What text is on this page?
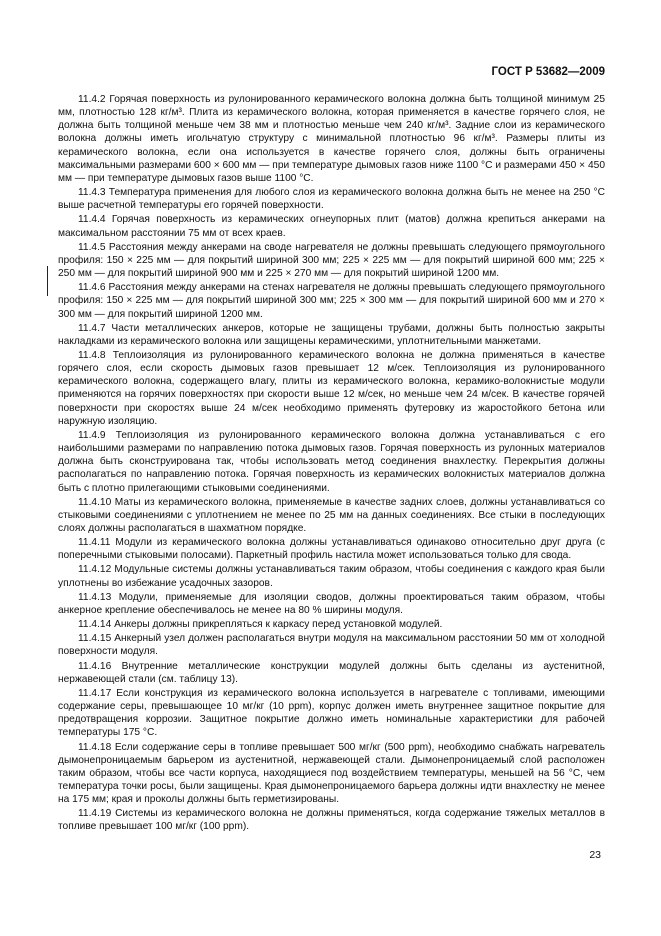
ГОСТ Р 53682—2009

11.4.2 Горячая поверхность из рулонированного керамического волокна должна быть толщиной минимум 25 мм, плотностью 128 кг/м³. Плита из керамического волокна, которая применяется в качестве горячего слоя, не должна быть толщиной меньше чем 38 мм и плотностью меньше чем 240 кг/м³. Задние слои из керамического волокна должны иметь игольчатую структуру с минимальной плотностью 96 кг/м³. Размеры плиты из керамического волокна, если она используется в качестве горячего слоя, должны быть ограничены максимальными размерами 600 × 600 мм — при температуре дымовых газов ниже 1100 °С и размерами 450 × 450 мм — при температуре дымовых газов выше 1100 °С.

11.4.3 Температура применения для любого слоя из керамического волокна должна быть не менее на 250 °С выше расчетной температуры его горячей поверхности.

11.4.4 Горячая поверхность из керамических огнеупорных плит (матов) должна крепиться анкерами на максимальном расстоянии 75 мм от всех краев.

11.4.5 Расстояния между анкерами на своде нагревателя не должны превышать следующего прямоугольного профиля: 150 × 225 мм — для покрытий шириной 300 мм; 225 × 225 мм — для покрытий шириной 600 мм; 225 × 250 мм — для покрытий шириной 900 мм и 225 × 270 мм — для покрытий шириной 1200 мм.

11.4.6 Расстояния между анкерами на стенах нагревателя не должны превышать следующего прямоугольного профиля: 150 × 225 мм — для покрытий шириной 300 мм; 225 × 300 мм — для покрытий шириной 600 мм и 270 × 300 мм — для покрытий шириной 1200 мм.

11.4.7 Части металлических анкеров, которые не защищены трубами, должны быть полностью закрыты накладками из керамического волокна или защищены керамическими, уплотнительными манжетами.

11.4.8 Теплоизоляция из рулонированного керамического волокна не должна применяться в качестве горячего слоя, если скорость дымовых газов превышает 12 м/сек. Теплоизоляция из рулонированного керамического волокна, содержащего влагу, плиты из керамического волокна, керамико-волокнистые модули применяются на горячих поверхностях при скорости выше 12 м/сек, но меньше чем 24 м/сек. В качестве горячей поверхности при скоростях выше 24 м/сек необходимо применять футеровку из жаростойкого бетона или наружную изоляцию.

11.4.9 Теплоизоляция из рулонированного керамического волокна должна устанавливаться с его наибольшими размерами по направлению потока дымовых газов. Горячая поверхность из рулонных материалов должна быть сконструирована так, чтобы использовать метод соединения внахлестку. Перекрытия должны располагаться по направлению потока. Горячая поверхность из керамических волокнистых материалов должна быть с плотно прилегающими стыковыми соединениями.

11.4.10 Маты из керамического волокна, применяемые в качестве задних слоев, должны устанавливаться со стыковыми соединениями с уплотнением не менее по 25 мм на данных соединениях. Все стыки в последующих слоях должны располагаться в шахматном порядке.

11.4.11 Модули из керамического волокна должны устанавливаться одинаково относительно друг друга (с поперечными стыковыми полосами). Паркетный профиль настила может использоваться только для свода.

11.4.12 Модульные системы должны устанавливаться таким образом, чтобы соединения с каждого края были уплотнены во избежание усадочных зазоров.

11.4.13 Модули, применяемые для изоляции сводов, должны проектироваться таким образом, чтобы анкерное крепление обеспечивалось не менее на 80 % ширины модуля.

11.4.14 Анкеры должны прикрепляться к каркасу перед установкой модулей.

11.4.15 Анкерный узел должен располагаться внутри модуля на максимальном расстоянии 50 мм от холодной поверхности модуля.

11.4.16 Внутренние металлические конструкции модулей должны быть сделаны из аустенитной, нержавеющей стали (см. таблицу 13).

11.4.17 Если конструкция из керамического волокна используется в нагревателе с топливами, имеющими содержание серы, превышающее 10 мг/кг (10 ppm), корпус должен иметь внутреннее защитное покрытие для предотвращения коррозии. Защитное покрытие должно иметь номинальные характеристики для рабочей температуры 175 °С.

11.4.18 Если содержание серы в топливе превышает 500 мг/кг (500 ppm), необходимо снабжать нагреватель дымонепроницаемым барьером из аустенитной, нержавеющей стали. Дымонепроницаемый слой расположен таким образом, чтобы все части корпуса, находящиеся под воздействием температуры, меньшей на 56 °С, чем температура точки росы, были защищены. Края дымонепроницаемого барьера должны идти внахлестку не менее на 175 мм; края и проколы должны быть герметизированы.

11.4.19 Системы из керамического волокна не должны применяться, когда содержание тяжелых металлов в топливе превышает 100 мг/кг (100 ppm).

23
